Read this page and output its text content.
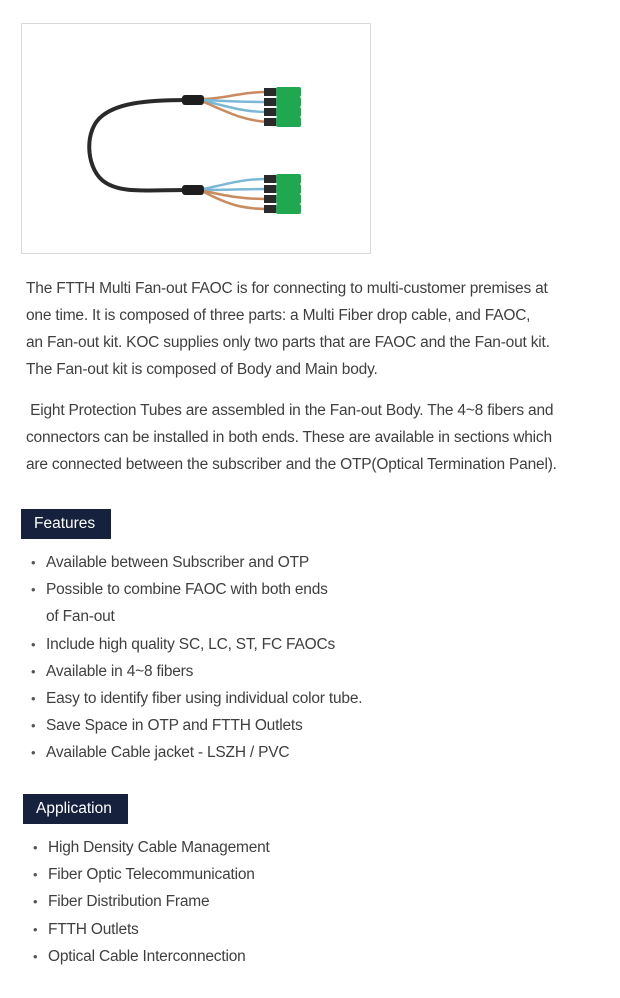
The FTTH Multi Fan-out FAOC is for connecting to multi-customer premises at
one time. It is composed of three parts: a Multi Fiber drop cable, and FAOC,
an Fan-out kit. KOC supplies only two parts that are FAOC and the Fan-out kit.
The Fan-out kit is composed of Body and Main body.
Eight Protection Tubes are assembled in the Fan-out Body. The 4~8 fibers and
connectors can be installed in both ends. These are available in sections which
are connected between the subscriber and the OTP(Optical Termination Panel).
Features
• Available between Subscriber and OTP
• Possible to combine FAOC with both ends
of Fan-out
• Include high quality SC, LC, ST, FC FAOCs
• Available in 4~8 fibers
• Easy to identify fiber using individual color tube.
• Save Space in OTP and FTTH Outlets
• Available Cable jacket - LSZH / PVC
Application
• High Density Cable Management
• Fiber Optic Telecommunication
• Fiber Distribution Frame
• FTTH Outlets
• Optical Cable Interconnection
